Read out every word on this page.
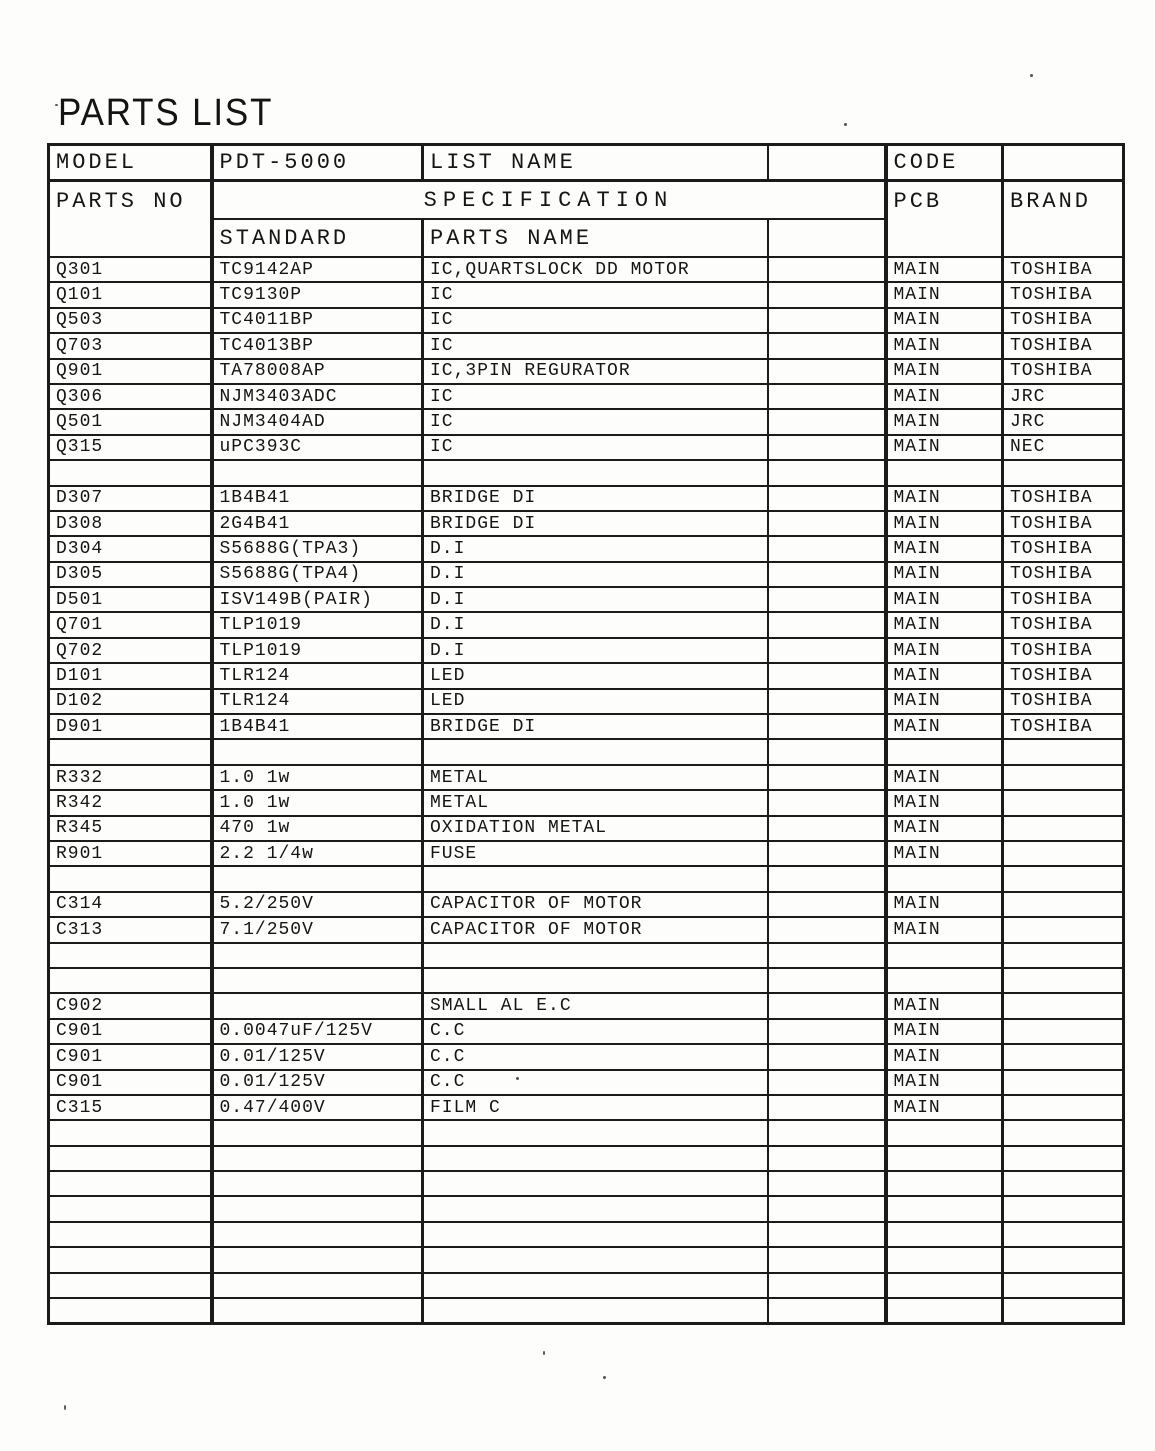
PARTS LIST
MODEL	PDT-5000	LIST NAME		CODE	
PARTS NO	SPECIFICATION			PCB	BRAND
	STANDARD	PARTS NAME			
Q301	TC9142AP	IC,QUARTSLOCK DD MOTOR		MAIN	TOSHIBA
Q101	TC9130P	IC		MAIN	TOSHIBA
Q503	TC4011BP	IC		MAIN	TOSHIBA
Q703	TC4013BP	IC		MAIN	TOSHIBA
Q901	TA78008AP	IC,3PIN REGURATOR		MAIN	TOSHIBA
Q306	NJM3403ADC	IC		MAIN	JRC
Q501	NJM3404AD	IC		MAIN	JRC
Q315	uPC393C	IC		MAIN	NEC

D307	1B4B41	BRIDGE DI		MAIN	TOSHIBA
D308	2G4B41	BRIDGE DI		MAIN	TOSHIBA
D304	S5688G(TPA3)	D.I		MAIN	TOSHIBA
D305	S5688G(TPA4)	D.I		MAIN	TOSHIBA
D501	ISV149B(PAIR)	D.I		MAIN	TOSHIBA
Q701	TLP1019	D.I		MAIN	TOSHIBA
Q702	TLP1019	D.I		MAIN	TOSHIBA
D101	TLR124	LED		MAIN	TOSHIBA
D102	TLR124	LED		MAIN	TOSHIBA
D901	1B4B41	BRIDGE DI		MAIN	TOSHIBA

R332	1.0 1w	METAL		MAIN	
R342	1.0 1w	METAL		MAIN	
R345	470 1w	OXIDATION METAL		MAIN	
R901	2.2 1/4w	FUSE		MAIN	

C314	5.2/250V	CAPACITOR OF MOTOR		MAIN	
C313	7.1/250V	CAPACITOR OF MOTOR		MAIN	

C902		SMALL AL E.C		MAIN	
C901	0.0047uF/125V	C.C		MAIN	
C901	0.01/125V	C.C		MAIN	
C901	0.01/125V	C.C		MAIN	
C315	0.47/400V	FILM C		MAIN	
